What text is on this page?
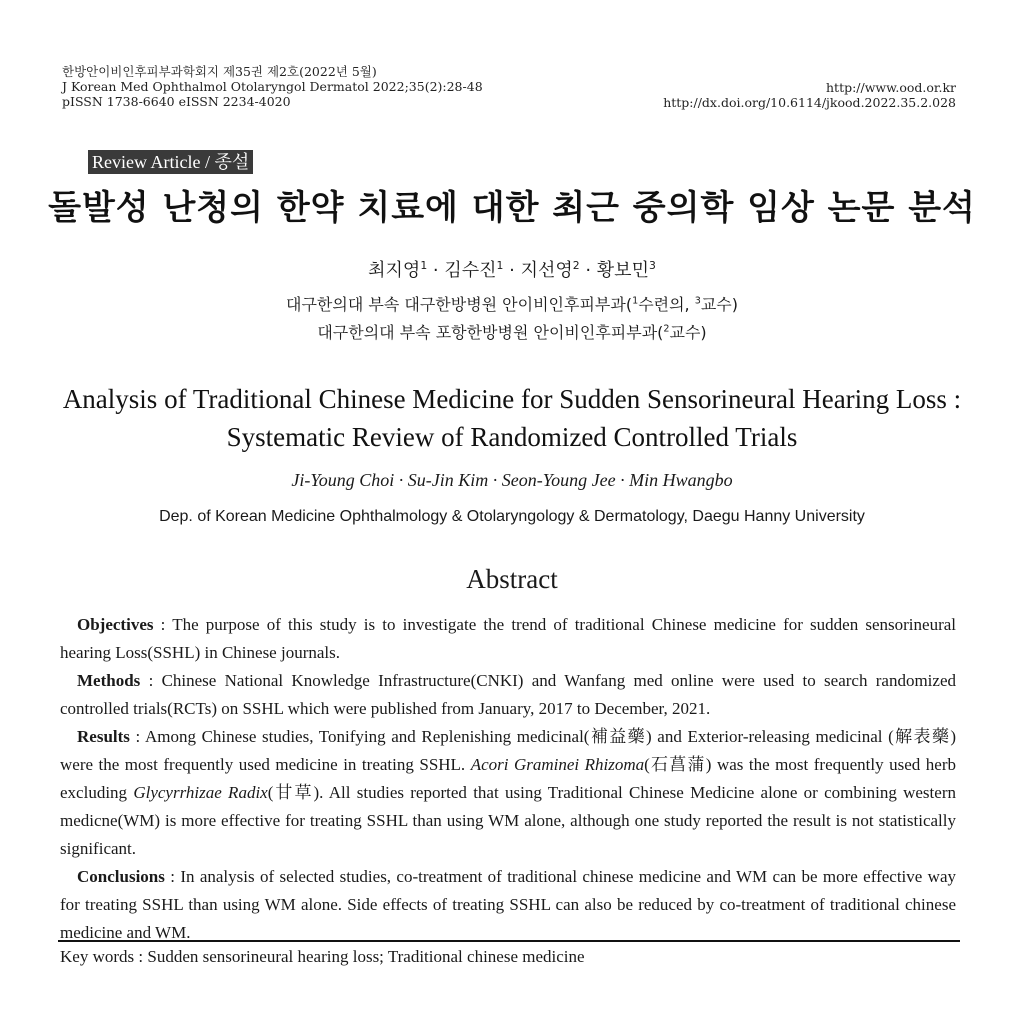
한방안이비인후피부과학회지 제35권 제2호(2022년 5월)
J Korean Med Ophthalmol Otolaryngol Dermatol 2022;35(2):28-48
pISSN 1738-6640 eISSN 2234-4020
http://www.ood.or.kr
http://dx.doi.org/10.6114/jkood.2022.35.2.028
Review Article / 종설
돌발성 난청의 한약 치료에 대한 최근 중의학 임상 논문 분석
최지영$^1$ · 김수진$^1$ · 지선영$^2$ · 황보민$^3$
대구한의대 부속 대구한방병원 안이비인후피부과($^1$수련의, $^3$교수)
대구한의대 부속 포항한방병원 안이비인후피부과($^2$교수)
Analysis of Traditional Chinese Medicine for Sudden Sensorineural Hearing Loss :
Systematic Review of Randomized Controlled Trials
Ji-Young Choi · Su-Jin Kim · Seon-Young Jee · Min Hwangbo
Dep. of Korean Medicine Ophthalmology & Otolaryngology & Dermatology, Daegu Hanny University
Abstract

Objectives : The purpose of this study is to investigate the trend of traditional Chinese medicine for sudden sensorineural hearing Loss(SSHL) in Chinese journals.

Methods : Chinese National Knowledge Infrastructure(CNKI) and Wanfang med online were used to search randomized controlled trials(RCTs) on SSHL which were published from January, 2017 to December, 2021.

Results : Among Chinese studies, Tonifying and Replenishing medicinal(補益藥) and Exterior-releasing medicinal (解表藥) were the most frequently used medicine in treating SSHL. Acori Graminei Rhizoma(石菖蒲) was the most frequently used herb excluding Glycyrrhizae Radix(甘草). All studies reported that using Traditional Chinese Medicine alone or combining western medicne(WM) is more effective for treating SSHL than using WM alone, although one study reported the result is not statistically significant.

Conclusions : In analysis of selected studies, co-treatment of traditional chinese medicine and WM can be more effective way for treating SSHL than using WM alone. Side effects of treating SSHL can also be reduced by co-treatment of traditional chinese medicine and WM.

Key words : Sudden sensorineural hearing loss; Traditional chinese medicine
